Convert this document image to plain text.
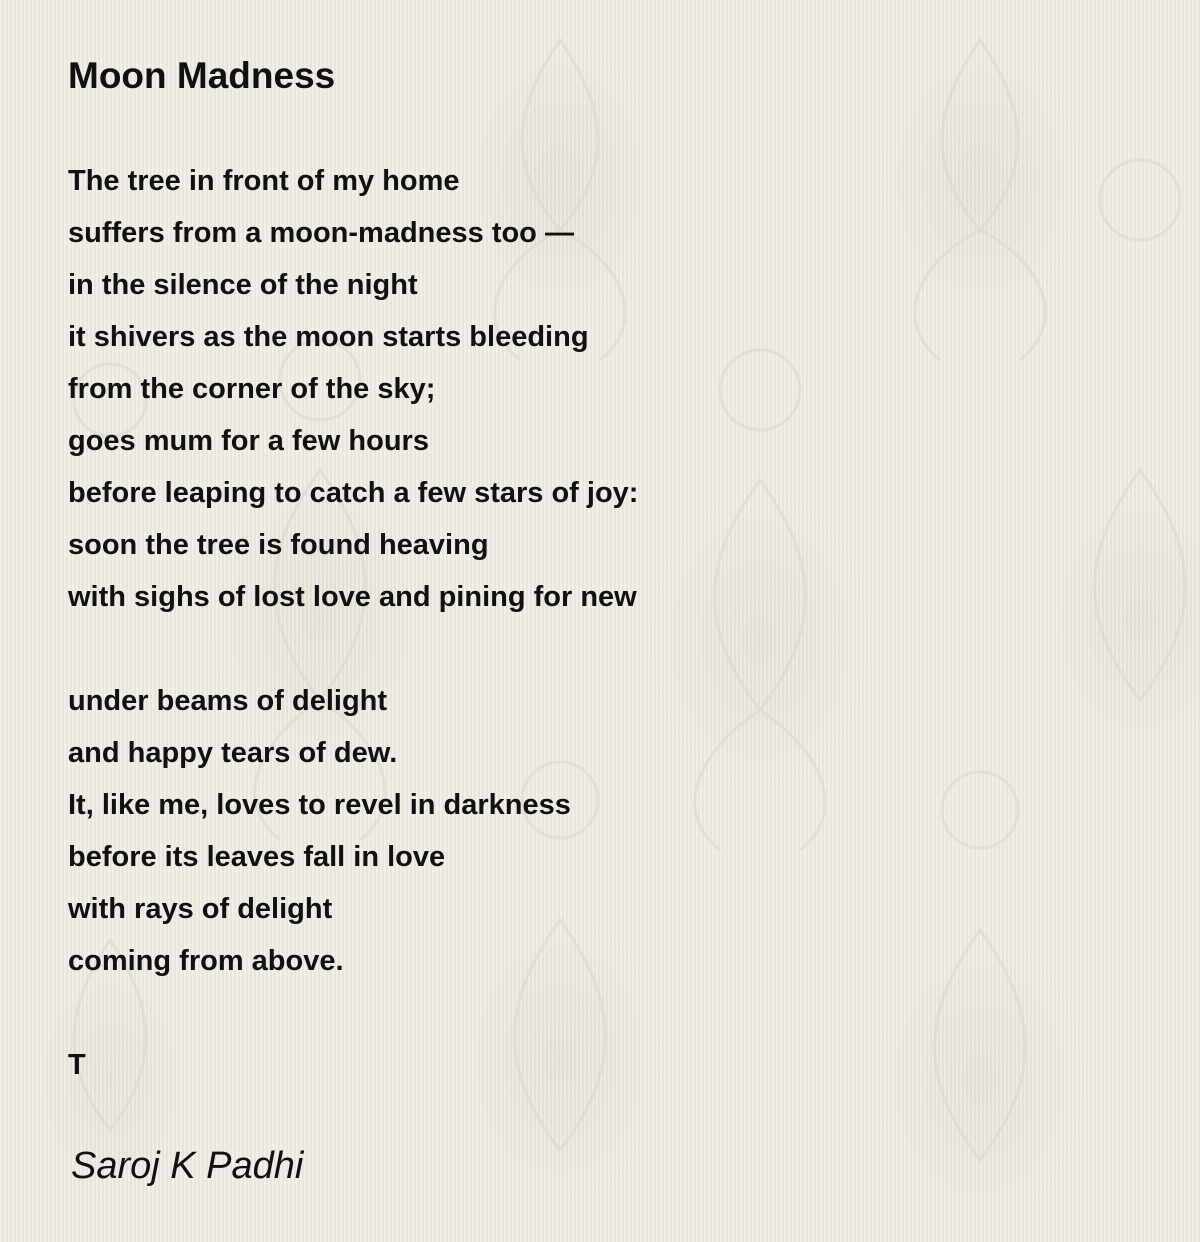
Moon Madness
The tree in front of my home
suffers from a moon-madness too —
in the silence of the night
it shivers as the moon starts bleeding
from the corner of the sky;
goes mum for a few hours
before leaping to catch a few stars of joy:
soon the tree is found heaving
with sighs of lost love and pining for new
under beams of delight
and happy tears of dew.
It, like me, loves to revel in darkness
before its leaves fall in love
with rays of delight
coming from above.
T
Saroj K Padhi
